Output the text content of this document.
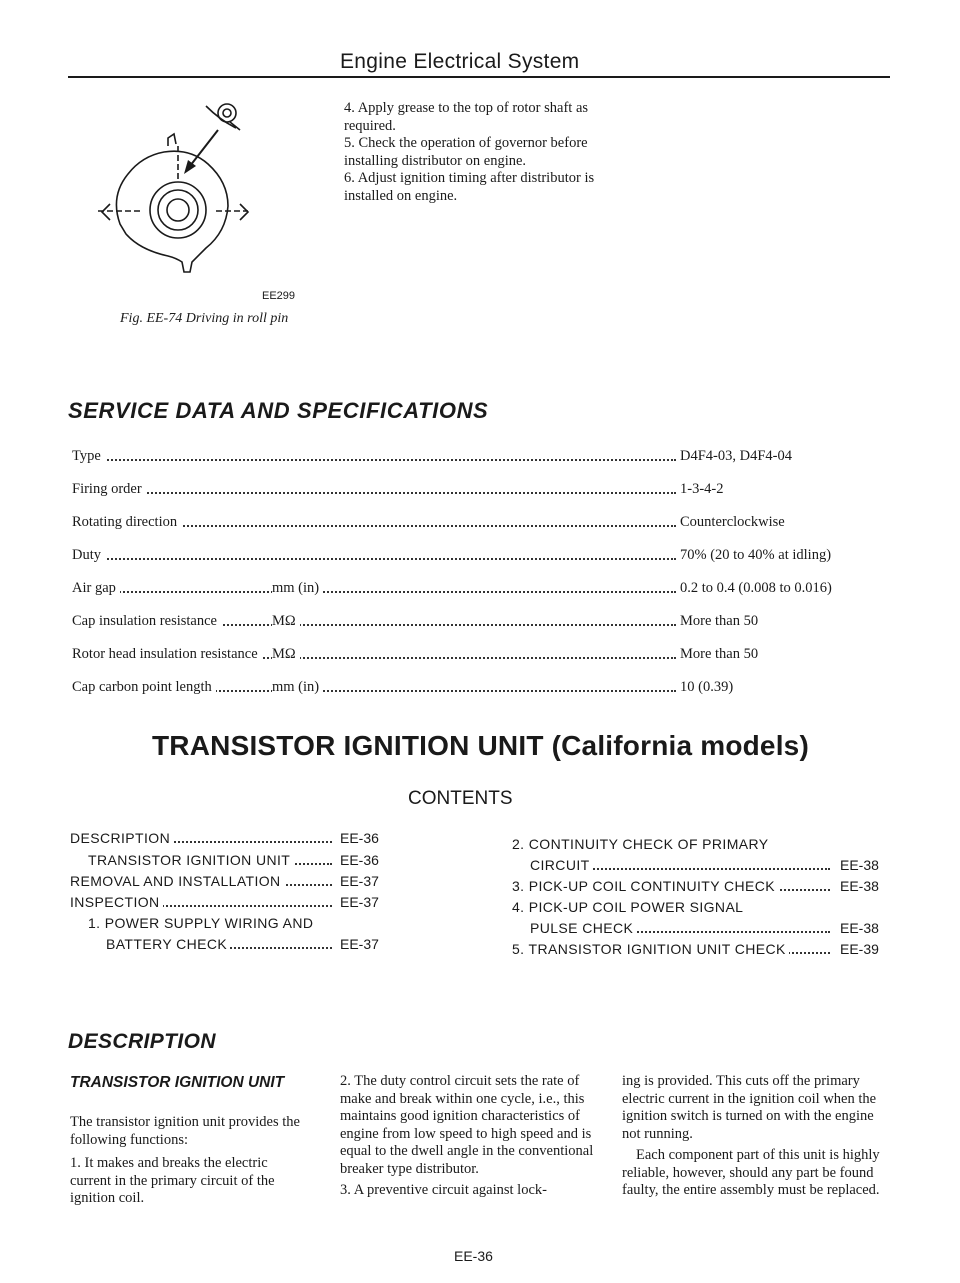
Engine Electrical System
EE299
Fig. EE-74 Driving in roll pin
4. Apply grease to the top of rotor shaft as required.
5. Check the operation of governor before installing distributor on engine.
6. Adjust ignition timing after distributor is installed on engine.
SERVICE DATA AND SPECIFICATIONS
Type	D4F4-03, D4F4-04
Firing order	1-3-4-2
Rotating direction	Counterclockwise
Duty	70% (20 to 40% at idling)
Air gap	mm (in)	0.2 to 0.4 (0.008 to 0.016)
Cap insulation resistance	MΩ	More than 50
Rotor head insulation resistance MΩ	More than 50
Cap carbon point length	mm (in)	10 (0.39)
TRANSISTOR IGNITION UNIT (California models)
CONTENTS
DESCRIPTION	EE-36
TRANSISTOR IGNITION UNIT	EE-36
REMOVAL AND INSTALLATION	EE-37
INSPECTION	EE-37
1. POWER SUPPLY WIRING AND
BATTERY CHECK	EE-37
2. CONTINUITY CHECK OF PRIMARY
CIRCUIT	EE-38
3. PICK-UP COIL CONTINUITY CHECK	EE-38
4. PICK-UP COIL POWER SIGNAL
PULSE CHECK	EE-38
5. TRANSISTOR IGNITION UNIT CHECK	EE-39
DESCRIPTION
TRANSISTOR IGNITION UNIT

The transistor ignition unit provides the following functions:

1. It makes and breaks the electric current in the primary circuit of the ignition coil.

2. The duty control circuit sets the rate of make and break within one cycle, i.e., this maintains good ignition characteristics of engine from low speed to high speed and is equal to the dwell angle in the conventional breaker type distributor.

3. A preventive circuit against lock-

ing is provided. This cuts off the primary electric current in the ignition coil when the ignition switch is turned on with the engine not running.

Each component part of this unit is highly reliable, however, should any part be found faulty, the entire assembly must be replaced.

EE-36
